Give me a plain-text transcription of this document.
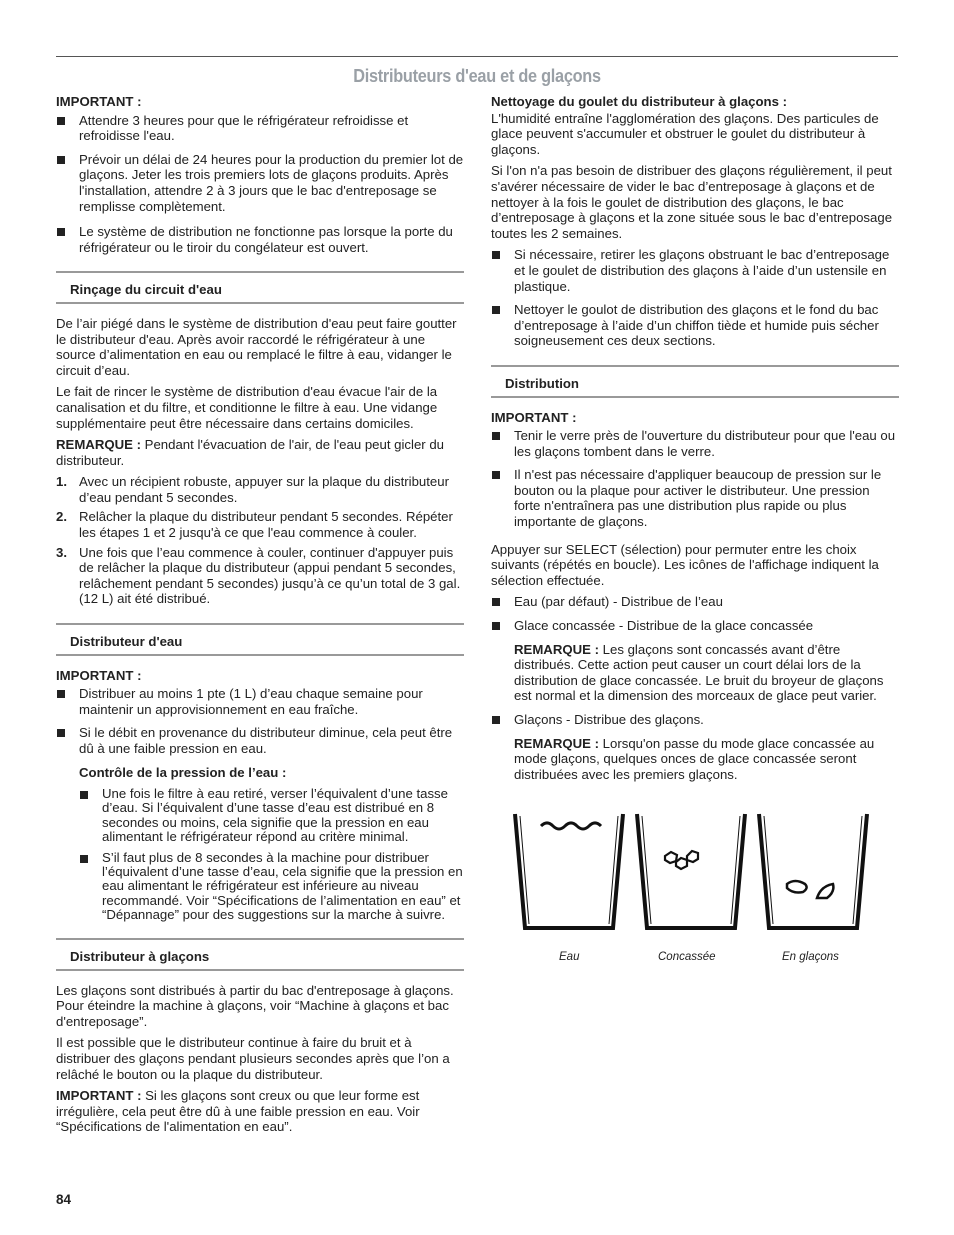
Distributeurs d'eau et de glaçons
IMPORTANT :
Attendre 3 heures pour que le réfrigérateur refroidisse et refroidisse l'eau.
Prévoir un délai de 24 heures pour la production du premier lot de glaçons. Jeter les trois premiers lots de glaçons produits. Après l'installation, attendre 2 à 3 jours que le bac d'entreposage se remplisse complètement.
Le système de distribution ne fonctionne pas lorsque la porte du réfrigérateur ou le tiroir du congélateur est ouvert.
Rinçage du circuit d'eau

De l’air piégé dans le système de distribution d'eau peut faire goutter le distributeur d'eau. Après avoir raccordé le réfrigérateur à une source d’alimentation en eau ou remplacé le filtre à eau, vidanger le circuit d’eau.

Le fait de rincer le système de distribution d'eau évacue l'air de la canalisation et du filtre, et conditionne le filtre à eau. Une vidange supplémentaire peut être nécessaire dans certains domiciles.

REMARQUE : Pendant l'évacuation de l'air, de l'eau peut gicler du distributeur.

1. Avec un récipient robuste, appuyer sur la plaque du distributeur d’eau pendant 5 secondes.
2. Relâcher la plaque du distributeur pendant 5 secondes. Répéter les étapes 1 et 2 jusqu'à ce que l'eau commence à couler.
3. Une fois que l’eau commence à couler, continuer d'appuyer puis de relâcher la plaque du distributeur (appui pendant 5 secondes, relâchement pendant 5 secondes) jusqu’à ce qu’un total de 3 gal. (12 L) ait été distribué.
Distributeur d'eau
IMPORTANT :
Distribuer au moins 1 pte (1 L) d’eau chaque semaine pour maintenir un approvisionnement en eau fraîche.
Si le débit en provenance du distributeur diminue, cela peut être dû à une faible pression en eau.
Contrôle de la pression de l’eau :
Une fois le filtre à eau retiré, verser l’équivalent d’une tasse d’eau. Si l’équivalent d’une tasse d’eau est distribué en 8 secondes ou moins, cela signifie que la pression en eau alimentant le réfrigérateur répond au critère minimal.
S’il faut plus de 8 secondes à la machine pour distribuer l’équivalent d’une tasse d’eau, cela signifie que la pression en eau alimentant le réfrigérateur est inférieure au niveau recommandé. Voir “Spécifications de l’alimentation en eau” et “Dépannage” pour des suggestions sur la marche à suivre.
Distributeur à glaçons

Les glaçons sont distribués à partir du bac d'entreposage à glaçons. Pour éteindre la machine à glaçons, voir “Machine à glaçons et bac d'entreposage”.

Il est possible que le distributeur continue à faire du bruit et à distribuer des glaçons pendant plusieurs secondes après que l’on a relâché le bouton ou la plaque du distributeur.

IMPORTANT : Si les glaçons sont creux ou que leur forme est irrégulière, cela peut être dû à une faible pression en eau. Voir “Spécifications de l'alimentation en eau”.

Nettoyage du goulet du distributeur à glaçons :

L'humidité entraîne l'agglomération des glaçons. Des particules de glace peuvent s'accumuler et obstruer le goulet du distributeur à glaçons.

Si l'on n'a pas besoin de distribuer des glaçons régulièrement, il peut s'avérer nécessaire de vider le bac d’entreposage à glaçons et de nettoyer à la fois le goulet de distribution des glaçons, le bac d’entreposage à glaçons et la zone située sous le bac d’entreposage toutes les 2 semaines.

Si nécessaire, retirer les glaçons obstruant le bac d’entreposage et le goulet de distribution des glaçons à l’aide d’un ustensile en plastique.
Nettoyer le goulot de distribution des glaçons et le fond du bac d’entreposage à l’aide d’un chiffon tiède et humide puis sécher soigneusement ces deux sections.
Distribution
IMPORTANT :
Tenir le verre près de l'ouverture du distributeur pour que l'eau ou les glaçons tombent dans le verre.
Il n'est pas nécessaire d'appliquer beaucoup de pression sur le bouton ou la plaque pour activer le distributeur. Une pression forte n'entraînera pas une distribution plus rapide ou plus importante de glaçons.

Appuyer sur SELECT (sélection) pour permuter entre les choix suivants (répétés en boucle). Les icônes de l'affichage indiquent la sélection effectuée.

Eau (par défaut) - Distribue de l’eau
Glace concassée - Distribue de la glace concassée

REMARQUE : Les glaçons sont concassés avant d’être distribués. Cette action peut causer un court délai lors de la distribution de glace concassée. Le bruit du broyeur de glaçons est normal et la dimension des morceaux de glace peut varier.

Glaçons - Distribue des glaçons.

REMARQUE : Lorsqu'on passe du mode glace concassée au mode glaçons, quelques onces de glace concassée seront distribuées avec les premiers glaçons.

Eau	Concassée	En glaçons
84
